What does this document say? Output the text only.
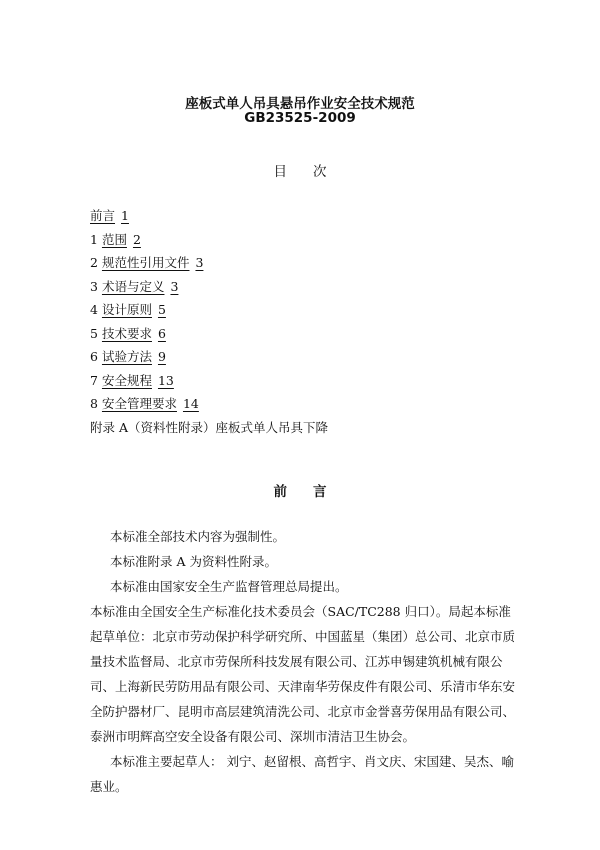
座板式单人吊具悬吊作业安全技术规范
GB23525-2009
目次
前言 1
1 范围 2
2 规范性引用文件 3
3 术语与定义 3
4 设计原则 5
5 技术要求 6
6 试验方法 9
7 安全规程 13
8 安全管理要求 14
附录 A（资料性附录）座板式单人吊具下降
前言

本标准全部技术内容为强制性。

本标准附录 A 为资料性附录。

本标准由国家安全生产监督管理总局提出。

本标准由全国安全生产标准化技术委员会（SAC/TC288 归口）。局起本标准起草单位：北京市劳动保护科学研究所、中国蓝星（集团）总公司、北京市质量技术监督局、北京市劳保所科技发展有限公司、江苏申锡建筑机械有限公司、上海新民劳防用品有限公司、天津南华劳保皮件有限公司、乐清市华东安全防护器材厂、昆明市高层建筑清洗公司、北京市金誉喜劳保用品有限公司、泰洲市明辉高空安全设备有限公司、深圳市清洁卫生协会。

本标准主要起草人： 刘宁、赵留根、高哲宇、肖文庆、宋国建、吴杰、喻惠业。
